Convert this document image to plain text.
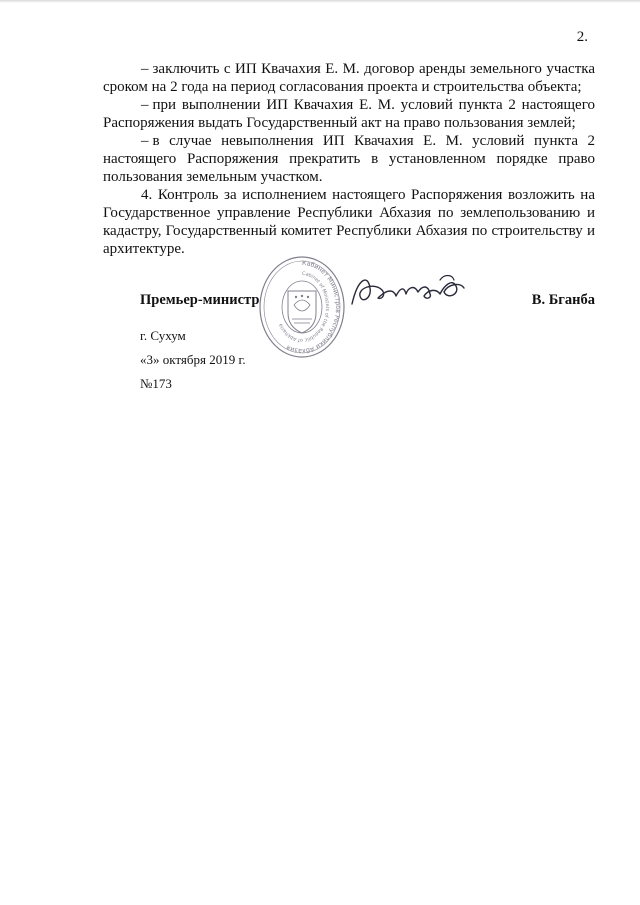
2.

– заключить с ИП Квачахия Е. М. договор аренды земельного участка сроком на 2 года на период согласования проекта и строительства объекта;

– при выполнении ИП Квачахия Е. М. условий пункта 2 настоящего Распоряжения выдать Государственный акт на право пользования землей;

– в случае невыполнения ИП Квачахия Е. М. условий пункта 2 настоящего Распоряжения прекратить в установленном порядке право пользования земельным участком.

4. Контроль за исполнением настоящего Распоряжения возложить на Государственное управление Республики Абхазия по землепользованию и кадастру, Государственный комитет Республики Абхазия по строительству и архитектуре.

Кабинет Министров Республики Абхазия
Cabinet of Ministers of the Republic of Abkhazia
Премьер-министр	В. Бганба
г. Сухум
«3» октября 2019 г.
№173
